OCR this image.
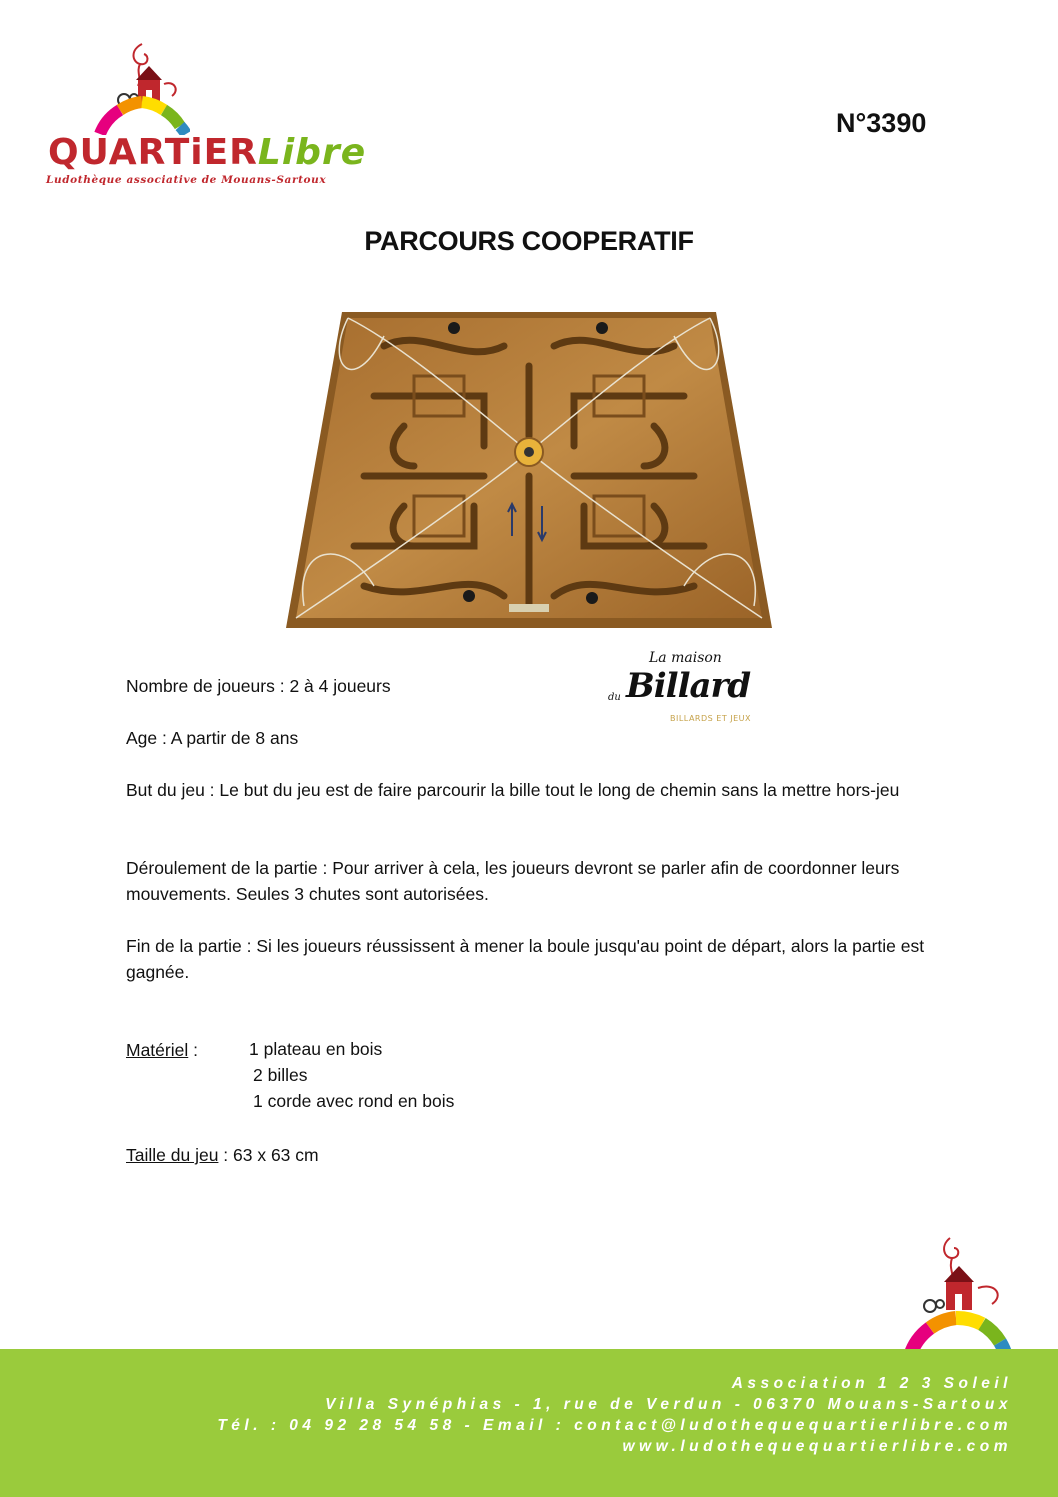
QUARTiERLibre
Ludothèque associative de Mouans-Sartoux
N°3390
PARCOURS COOPERATIF
La maison
du Billard
BILLARDS ET JEUX
Nombre de joueurs : 2 à 4 joueurs
Age : A partir de 8 ans
But du jeu : Le but du jeu est de faire parcourir la bille tout le long de chemin sans la mettre hors-jeu
Déroulement de la partie : Pour arriver à cela, les joueurs devront se parler afin de coordonner leurs mouvements. Seules 3 chutes sont autorisées.
Fin de la partie : Si les joueurs réussissent à mener la boule jusqu'au point de départ, alors la partie est gagnée.
Matériel :	1 plateau en bois
2 billes
1 corde avec rond en bois
Taille du jeu : 63 x 63 cm
Association 1 2 3 Soleil
Villa Synéphias - 1, rue de Verdun - 06370 Mouans-Sartoux
Tél. : 04 92 28 54 58 - Email : contact@ludothequequartierlibre.com
www.ludothequequartierlibre.com
